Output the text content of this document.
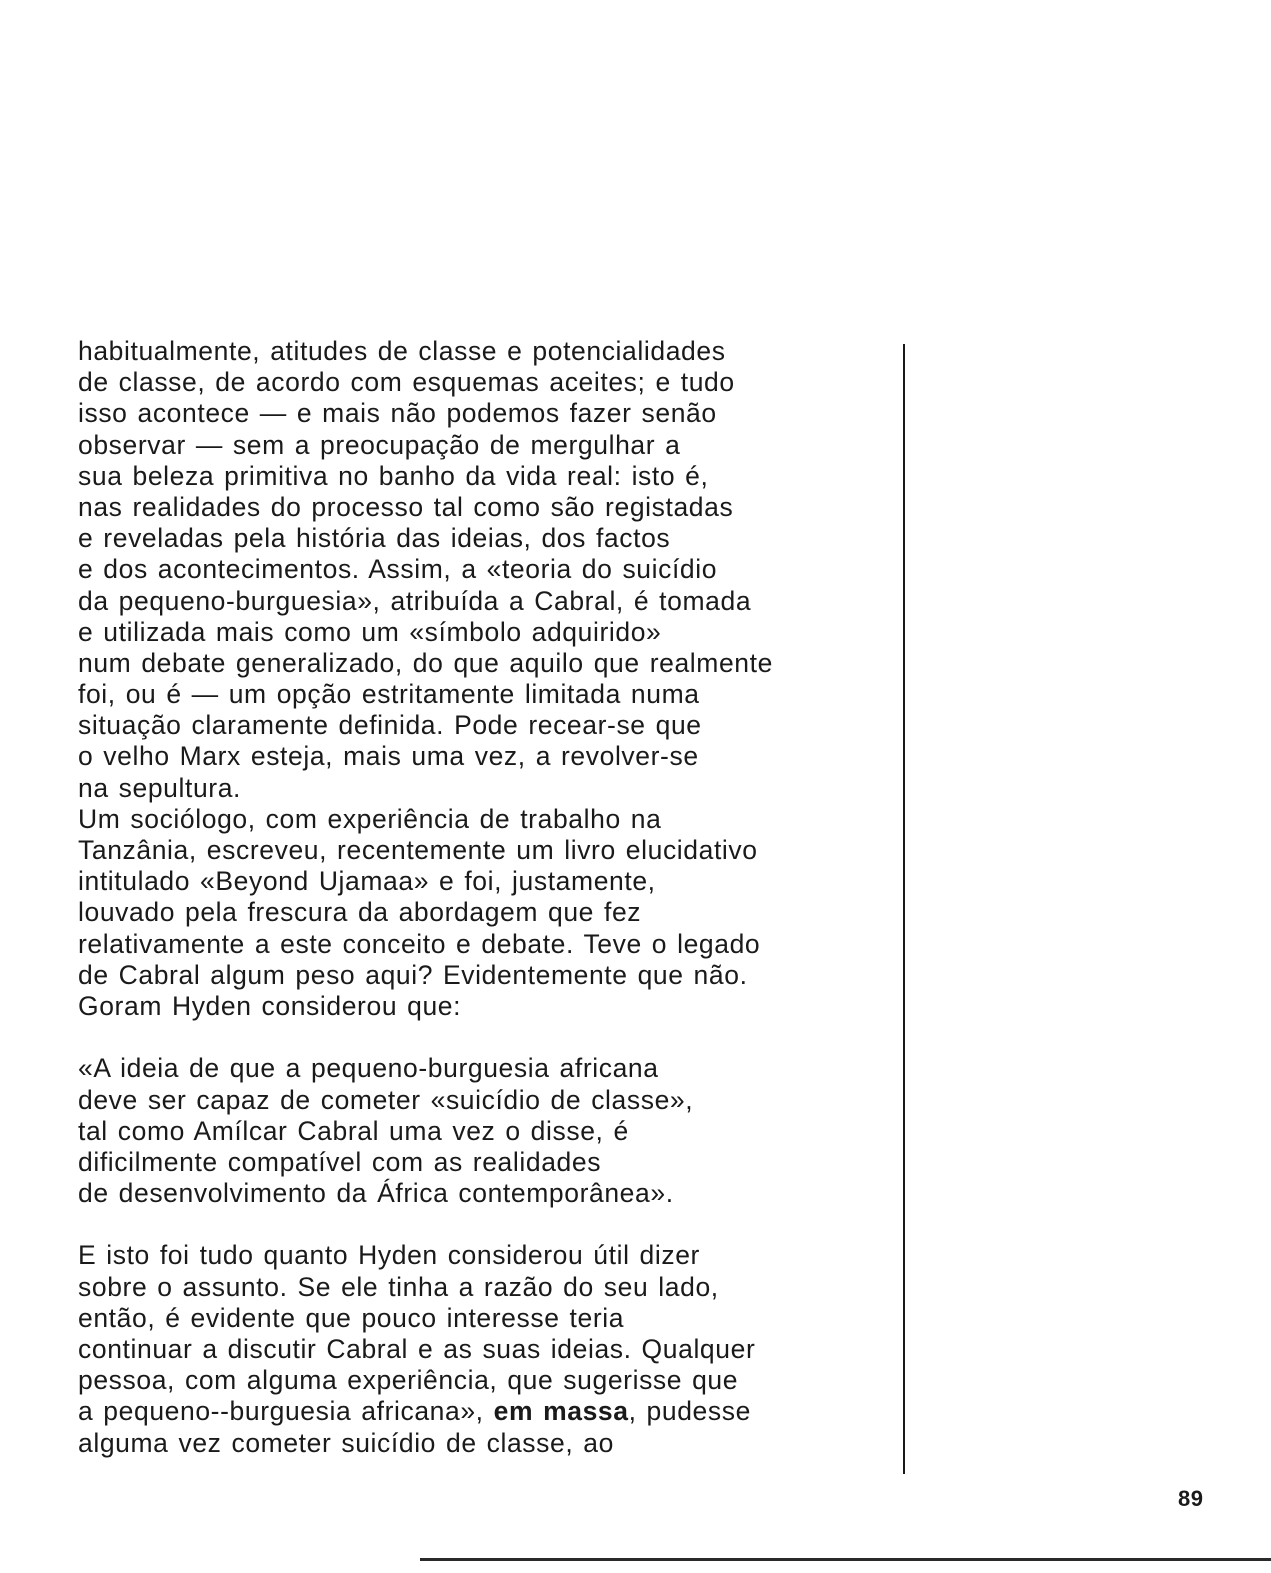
habitualmente, atitudes de classe e potencialidades
de classe, de acordo com esquemas aceites; e tudo
isso acontece — e mais não podemos fazer senão
observar — sem a preocupação de mergulhar a
sua beleza primitiva no banho da vida real: isto é,
nas realidades do processo tal como são registadas
e reveladas pela história das ideias, dos factos
e dos acontecimentos. Assim, a «teoria do suicídio
da pequeno-burguesia», atribuída a Cabral, é tomada
e utilizada mais como um «símbolo adquirido»
num debate generalizado, do que aquilo que realmente
foi, ou é — um opção estritamente limitada numa
situação claramente definida. Pode recear-se que
o velho Marx esteja, mais uma vez, a revolver-se
na sepultura.
Um sociólogo, com experiência de trabalho na
Tanzânia, escreveu, recentemente um livro elucidativo
intitulado «Beyond Ujamaa» e foi, justamente,
louvado pela frescura da abordagem que fez
relativamente a este conceito e debate. Teve o legado
de Cabral algum peso aqui? Evidentemente que não.
Goram Hyden considerou que:
«A ideia de que a pequeno-burguesia africana
deve ser capaz de cometer «suicídio de classe»,
tal como Amílcar Cabral uma vez o disse, é
dificilmente compatível com as realidades
de desenvolvimento da África contemporânea».
E isto foi tudo quanto Hyden considerou útil dizer
sobre o assunto. Se ele tinha a razão do seu lado,
então, é evidente que pouco interesse teria
continuar a discutir Cabral e as suas ideias. Qualquer
pessoa, com alguma experiência, que sugerisse que
a pequeno--burguesia africana», em massa, pudesse
alguma vez cometer suicídio de classe, ao
89
